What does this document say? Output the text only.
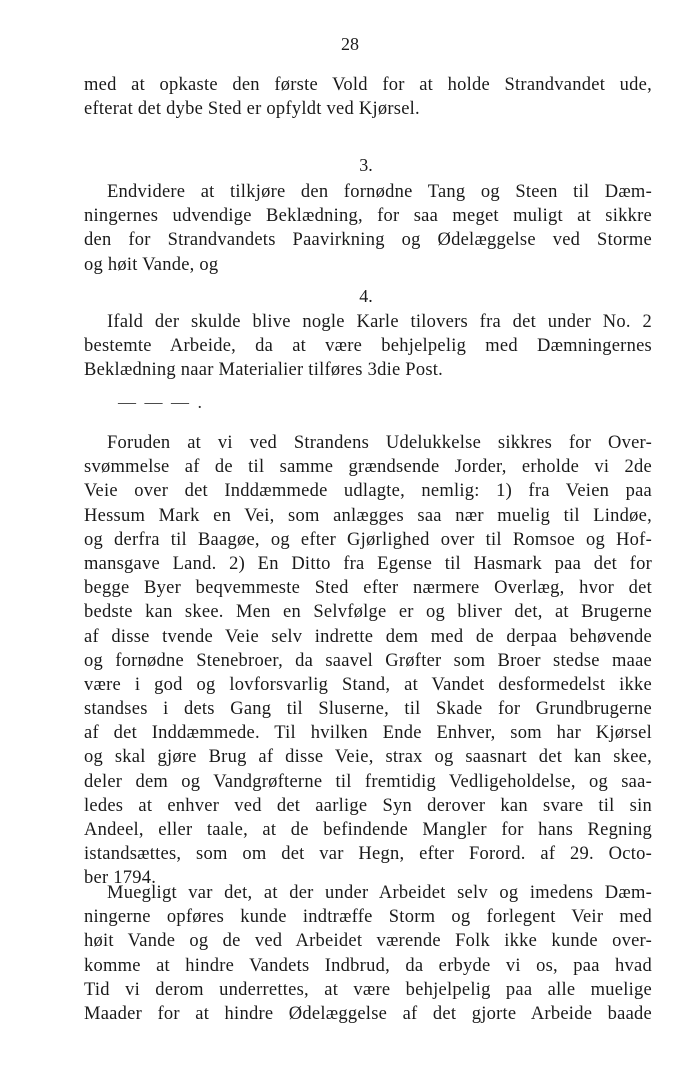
28
med at opkaste den første Vold for at holde Strandvandet ude,
efterat det dybe Sted er opfyldt ved Kjørsel.
3.
Endvidere at tilkjøre den fornødne Tang og Steen til Dæm-
ningernes udvendige Beklædning, for saa meget muligt at sikkre
den for Strandvandets Paavirkning og Ødelæggelse ved Storme
og høit Vande, og
4.
Ifald der skulde blive nogle Karle tilovers fra det under No. 2
bestemte Arbeide, da at være behjelpelig med Dæmningernes
Beklædning naar Materialier tilføres 3die Post.
— — — .
Foruden at vi ved Strandens Udelukkelse sikkres for Over-
svømmelse af de til samme grændsende Jorder, erholde vi 2de
Veie over det Inddæmmede udlagte, nemlig: 1) fra Veien paa
Hessum Mark en Vei, som anlægges saa nær muelig til Lindøe,
og derfra til Baagøe, og efter Gjørlighed over til Romsoe og Hof-
mansgave Land. 2) En Ditto fra Egense til Hasmark paa det for
begge Byer beqvemmeste Sted efter nærmere Overlæg, hvor det
bedste kan skee. Men en Selvfølge er og bliver det, at Brugerne
af disse tvende Veie selv indrette dem med de derpaa behøvende
og fornødne Stenebroer, da saavel Grøfter som Broer stedse maae
være i god og lovforsvarlig Stand, at Vandet desformedelst ikke
standses i dets Gang til Sluserne, til Skade for Grundbrugerne
af det Inddæmmede. Til hvilken Ende Enhver, som har Kjørsel
og skal gjøre Brug af disse Veie, strax og saasnart det kan skee,
deler dem og Vandgrøfterne til fremtidig Vedligeholdelse, og saa-
ledes at enhver ved det aarlige Syn derover kan svare til sin
Andeel, eller taale, at de befindende Mangler for hans Regning
istandsættes, som om det var Hegn, efter Forord. af 29. Octo-
ber 1794.
Muegligt var det, at der under Arbeidet selv og imedens Dæm-
ningerne opføres kunde indtræffe Storm og forlegent Veir med
høit Vande og de ved Arbeidet værende Folk ikke kunde over-
komme at hindre Vandets Indbrud, da erbyde vi os, paa hvad
Tid vi derom underrettes, at være behjelpelig paa alle muelige
Maader for at hindre Ødelæggelse af det gjorte Arbeide baade
